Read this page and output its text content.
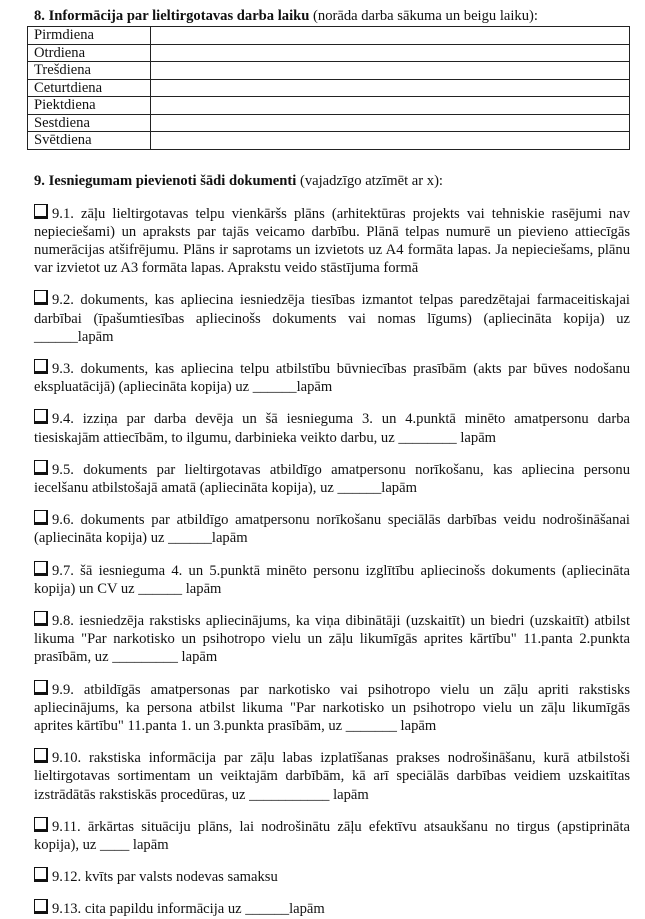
8. Informācija par lieltirgotavas darba laiku (norāda darba sākuma un beigu laiku):
Pirmdiena	
Otrdiena	
Trešdiena	
Ceturtdiena	
Piektdiena	
Sestdiena	
Svētdiena	
9. Iesniegumam pievienoti šādi dokumenti (vajadzīgo atzīmēt ar x):
9.1. zāļu lieltirgotavas telpu vienkāršs plāns (arhitektūras projekts vai tehniskie rasējumi nav nepieciešami) un apraksts par tajās veicamo darbību. Plānā telpas numurē un pievieno attiecīgās numerācijas atšifrējumu. Plāns ir saprotams un izvietots uz A4 formāta lapas. Ja nepieciešams, plānu var izvietot uz A3 formāta lapas. Aprakstu veido stāstījuma formā
9.2. dokuments, kas apliecina iesniedzēja tiesības izmantot telpas paredzētajai farmaceitiskajai darbībai (īpašumtiesības apliecinošs dokuments vai nomas līgums) (apliecināta kopija) uz ______lapām
9.3. dokuments, kas apliecina telpu atbilstību būvniecības prasībām (akts par būves nodošanu ekspluatācijā) (apliecināta kopija) uz ______lapām
9.4. izziņa par darba devēja un šā iesnieguma 3. un 4.punktā minēto amatpersonu darba tiesiskajām attiecībām, to ilgumu, darbinieka veikto darbu, uz ________ lapām
9.5. dokuments par lieltirgotavas atbildīgo amatpersonu norīkošanu, kas apliecina personu iecelšanu atbilstošajā amatā (apliecināta kopija), uz ______lapām
9.6. dokuments par atbildīgo amatpersonu norīkošanu speciālās darbības veidu nodrošināšanai (apliecināta kopija) uz ______lapām
9.7. šā iesnieguma 4. un 5.punktā minēto personu izglītību apliecinošs dokuments (apliecināta kopija) un CV uz ______ lapām
9.8. iesniedzēja rakstisks apliecinājums, ka viņa dibinātāji (uzskaitīt) un biedri (uzskaitīt) atbilst likuma "Par narkotisko un psihotropo vielu un zāļu likumīgās aprites kārtību" 11.panta 2.punkta prasībām, uz _________ lapām
9.9. atbildīgās amatpersonas par narkotisko vai psihotropo vielu un zāļu apriti rakstisks apliecinājums, ka persona atbilst likuma "Par narkotisko un psihotropo vielu un zāļu likumīgās aprites kārtību" 11.panta 1. un 3.punkta prasībām, uz _______ lapām
9.10. rakstiska informācija par zāļu labas izplatīšanas prakses nodrošināšanu, kurā atbilstoši lieltirgotavas sortimentam un veiktajām darbībām, kā arī speciālās darbības veidiem uzskaitītas izstrādātās rakstiskās procedūras, uz ___________ lapām
9.11. ārkārtas situāciju plāns, lai nodrošinātu zāļu efektīvu atsaukšanu no tirgus (apstiprināta kopija), uz ____ lapām
9.12. kvīts par valsts nodevas samaksu
9.13. cita papildu informācija uz ______lapām
